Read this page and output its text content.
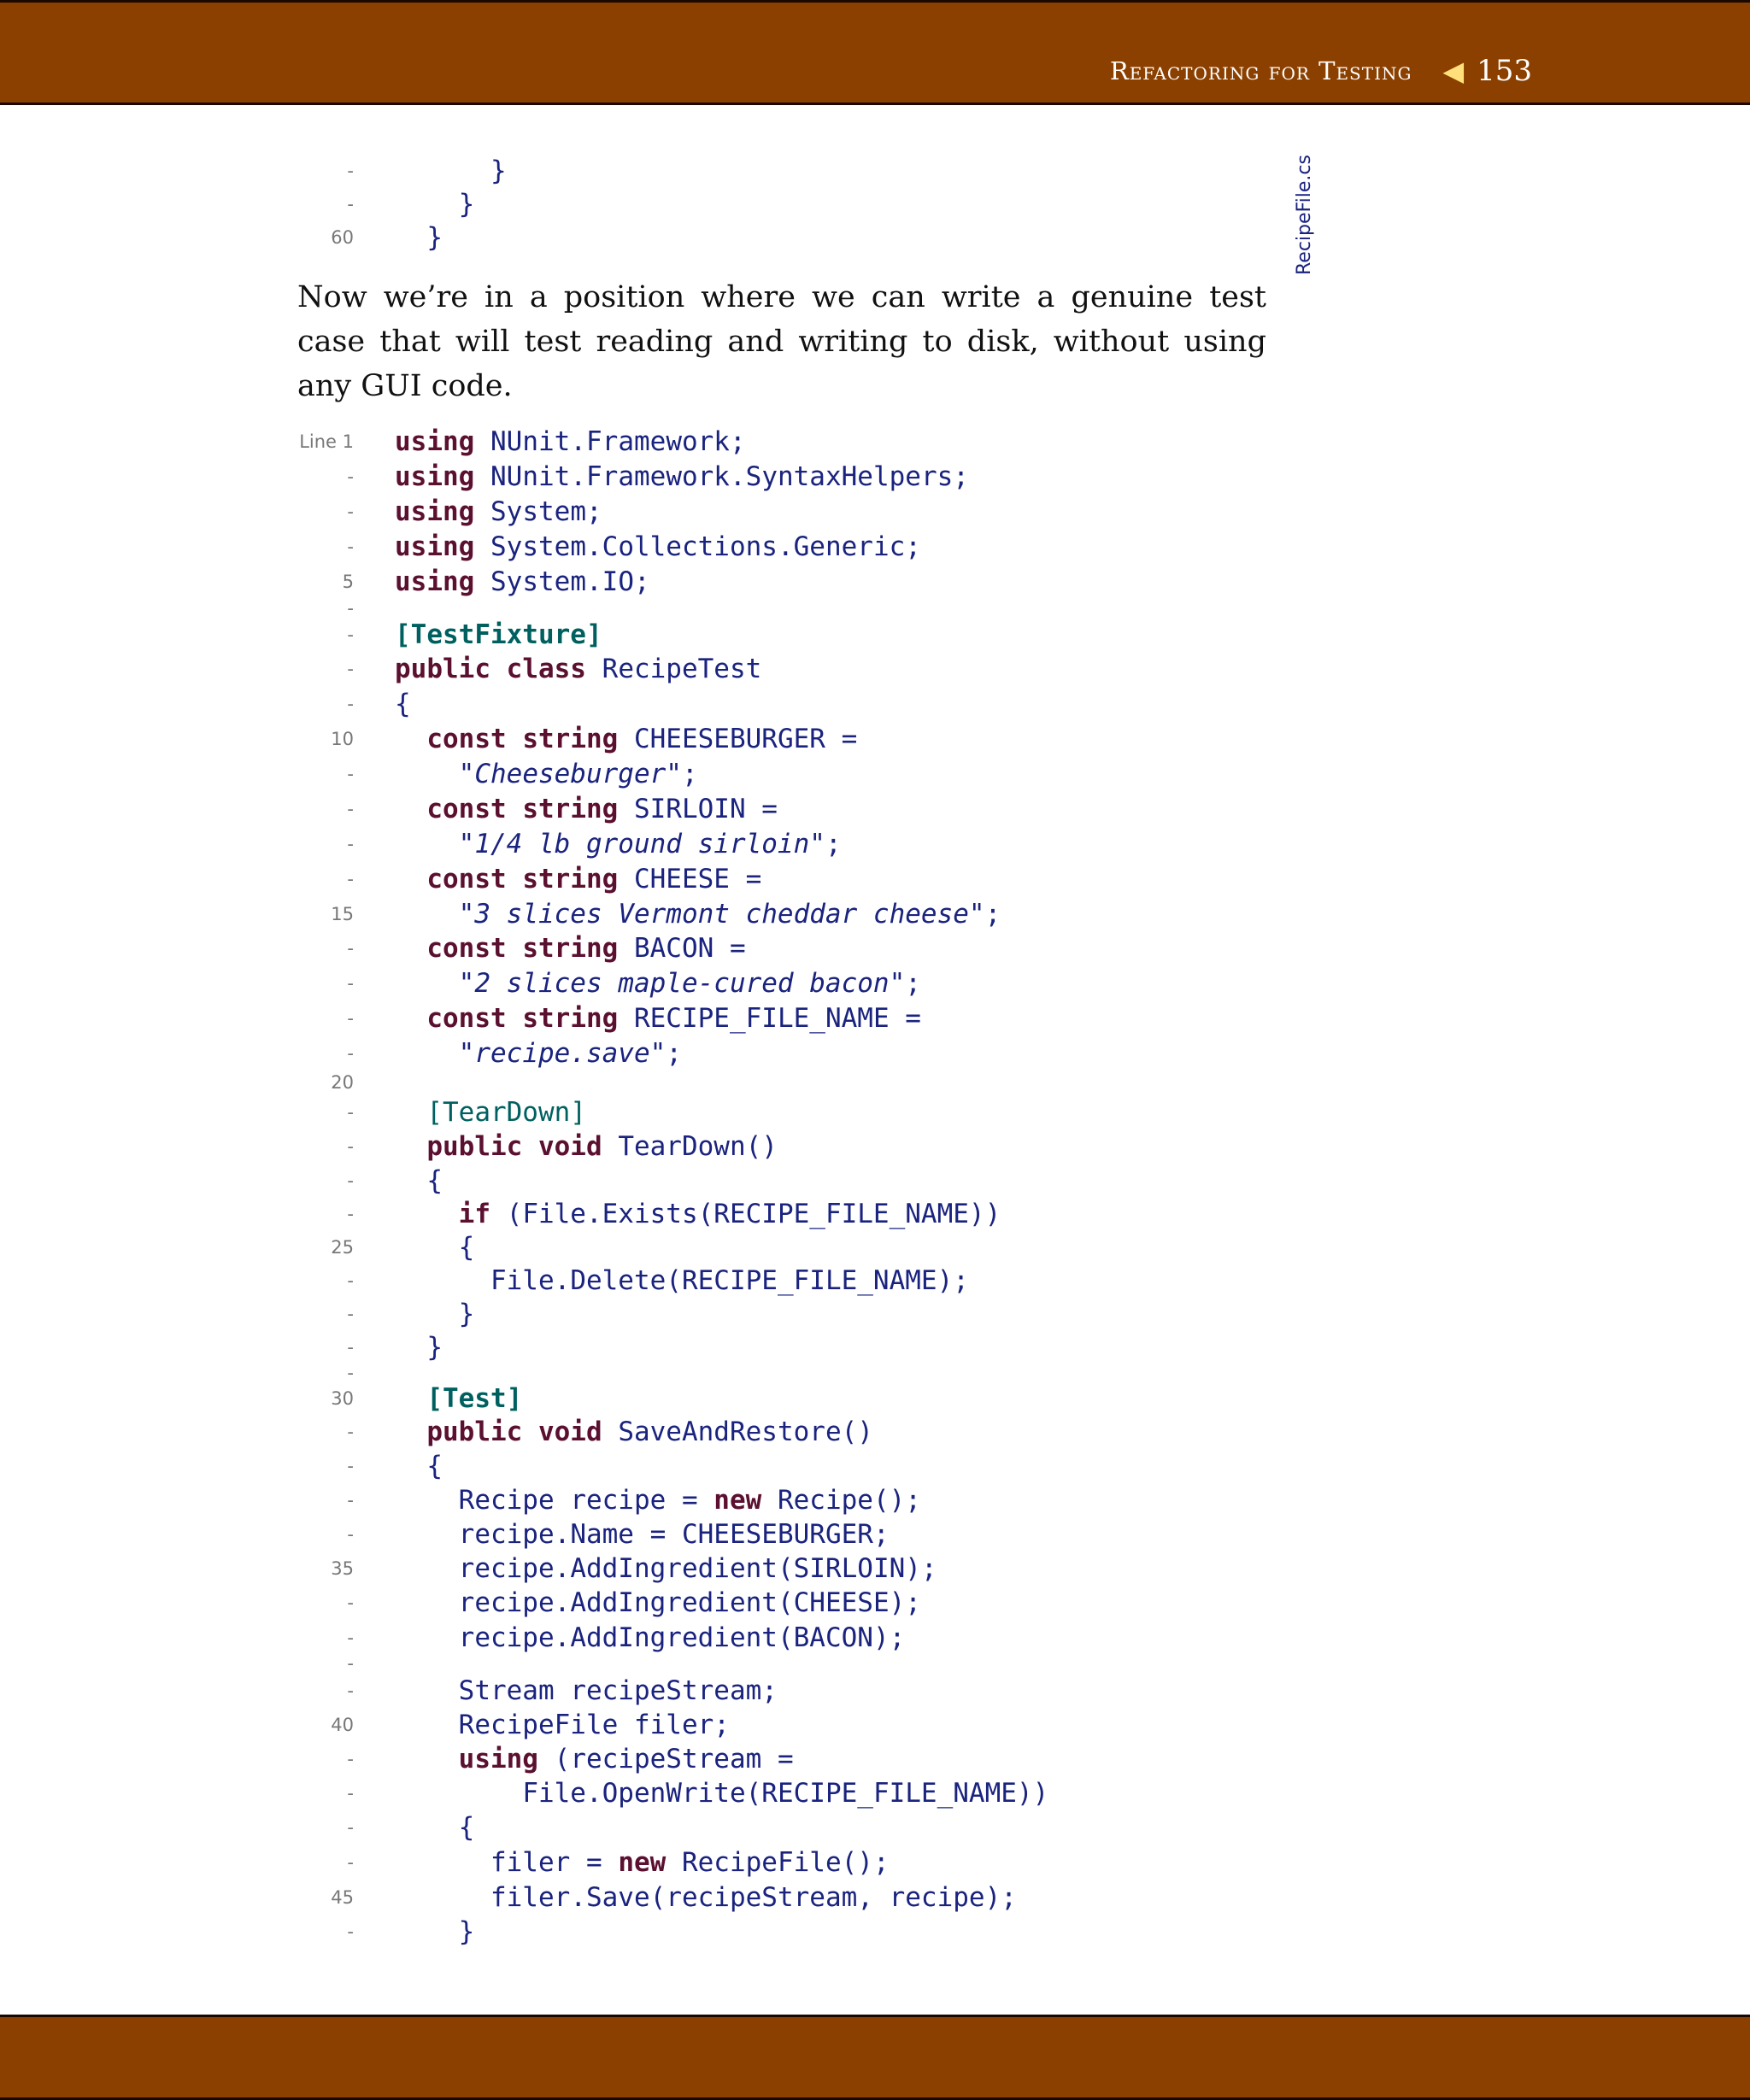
Refactoring for Testing ◀ 153
RecipeFile.cs
- }
- }
60 }
Now we’re in a position where we can write a genuine test case that will test reading and writing to disk, without using any GUI code.
Line 1 using NUnit.Framework;
- using NUnit.Framework.SyntaxHelpers;
- using System;
- using System.Collections.Generic;
5 using System.IO;
-
- [TestFixture]
- public class RecipeTest
- {
10	const string CHEESEBURGER =
-	"Cheeseburger";
-	const string SIRLOIN =
-	"1/4 lb ground sirloin";
-	const string CHEESE =
15	"3 slices Vermont cheddar cheese";
-	const string BACON =
-	"2 slices maple-cured bacon";
-	const string RECIPE_FILE_NAME =
-	"recipe.save";
20
-	[TearDown]
-	public void TearDown()
- {
-	if (File.Exists(RECIPE_FILE_NAME))
25 {
-	File.Delete(RECIPE_FILE_NAME);
- }
- }
-
30	[Test]
-	public void SaveAndRestore()
- {
-	Recipe recipe = new Recipe();
-	recipe.Name = CHEESEBURGER;
35	recipe.AddIngredient(SIRLOIN);
-	recipe.AddIngredient(CHEESE);
-	recipe.AddIngredient(BACON);
-
-	Stream recipeStream;
40	RecipeFile filer;
-	using (recipeStream =
-	File.OpenWrite(RECIPE_FILE_NAME))
- {
-	filer = new RecipeFile();
45	filer.Save(recipeStream, recipe);
- }
